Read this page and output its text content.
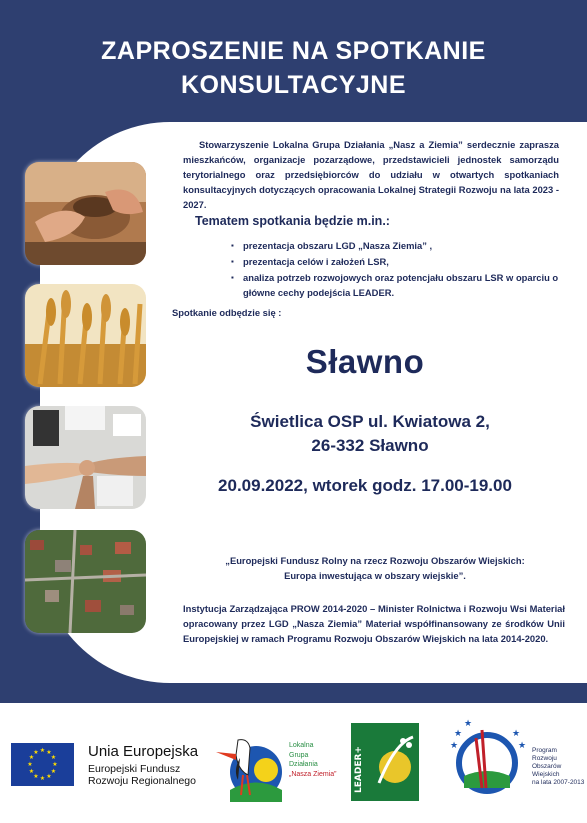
ZAPROSZENIE NA SPOTKANIE
KONSULTACYJNE
Stowarzyszenie Lokalna Grupa Działania „Nasz a Ziemia” serdecznie zaprasza mieszkańców, organizacje pozarządowe, przedstawicieli jednostek samorządu terytorialnego oraz przedsiębiorców do udziału w otwartych spotkaniach konsultacyjnych dotyczących opracowania Lokalnej Strategii Rozwoju na lata 2023 - 2027.
Tematem spotkania będzie m.in.:
▪ prezentacja obszaru LGD „Nasza Ziemia” ,
▪ prezentacja celów i założeń LSR,
▪ analiza potrzeb rozwojowych oraz potencjału obszaru LSR w oparciu o główne cechy podejścia LEADER.
Spotkanie odbędzie się :
Sławno
Świetlica OSP ul. Kwiatowa 2,
26-332 Sławno
20.09.2022, wtorek godz. 17.00-19.00
„Europejski Fundusz Rolny na rzecz Rozwoju Obszarów Wiejskich:
Europa inwestująca w obszary wiejskie”.
Instytucja Zarządzająca PROW 2014-2020 – Minister Rolnictwa i Rozwoju Wsi Materiał opracowany przez LGD „Nasza Ziemia” Materiał współfinansowany ze środków Unii Europejskiej w ramach Programu Rozwoju Obszarów Wiejskich na lata 2014-2020.
★ ★
★
★
★
★
★
★
★
★
★
★	Unia Europejska
Europejski Fundusz
Rozwoju Regionalnego
Lokalna
Grupa
Działania
„Nasza Ziemia” LEADER+
★
★
★
★
★ Program
Rozwoju
Obszarów
Wiejskich
na lata 2007-2013
